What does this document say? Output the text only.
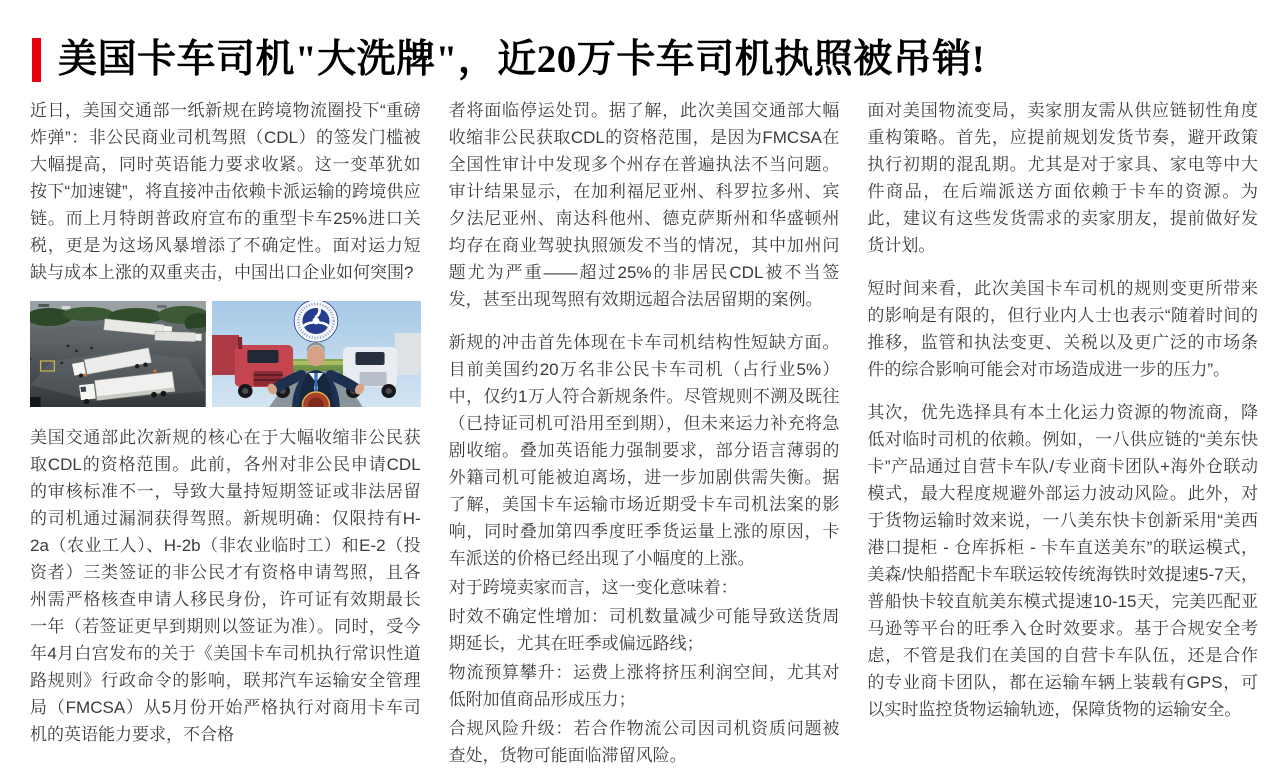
美国卡车司机"大洗牌"，近20万卡车司机执照被吊销!

近日，美国交通部一纸新规在跨境物流圈投下“重磅炸弹”：非公民商业司机驾照（CDL）的签发门槛被大幅提高，同时英语能力要求收紧。这一变革犹如按下“加速键”，将直接冲击依赖卡派运输的跨境供应链。而上月特朗普政府宣布的重型卡车25%进口关税，更是为这场风暴增添了不确定性。面对运力短缺与成本上涨的双重夹击，中国出口企业如何突围?

美国交通部此次新规的核心在于大幅收缩非公民获取CDL的资格范围。此前，各州对非公民申请CDL的审核标准不一，导致大量持短期签证或非法居留的司机通过漏洞获得驾照。新规明确：仅限持有H-2a（农业工人）、H-2b（非农业临时工）和E-2（投资者）三类签证的非公民才有资格申请驾照，且各州需严格核查申请人移民身份，许可证有效期最长一年（若签证更早到期则以签证为准）。同时，受今年4月白宫发布的关于《美国卡车司机执行常识性道路规则》行政命令的影响，联邦汽车运输安全管理局（FMCSA）从5月份开始严格执行对商用卡车司机的英语能力要求，不合格

者将面临停运处罚。据了解，此次美国交通部大幅收缩非公民获取CDL的资格范围，是因为FMCSA在全国性审计中发现多个州存在普遍执法不当问题。审计结果显示，在加利福尼亚州、科罗拉多州、宾夕法尼亚州、南达科他州、德克萨斯州和华盛顿州均存在商业驾驶执照颁发不当的情况，其中加州问题尤为严重——超过25%的非居民CDL被不当签发，甚至出现驾照有效期远超合法居留期的案例。

新规的冲击首先体现在卡车司机结构性短缺方面。目前美国约20万名非公民卡车司机（占行业5%）中，仅约1万人符合新规条件。尽管规则不溯及既往（已持证司机可沿用至到期），但未来运力补充将急剧收缩。叠加英语能力强制要求，部分语言薄弱的外籍司机可能被迫离场，进一步加剧供需失衡。据了解，美国卡车运输市场近期受卡车司机法案的影响，同时叠加第四季度旺季货运量上涨的原因，卡车派送的价格已经出现了小幅度的上涨。

对于跨境卖家而言，这一变化意味着：

时效不确定性增加：司机数量减少可能导致送货周期延长，尤其在旺季或偏远路线；

物流预算攀升：运费上涨将挤压利润空间，尤其对低附加值商品形成压力；

合规风险升级：若合作物流公司因司机资质问题被查处，货物可能面临滞留风险。

面对美国物流变局，卖家朋友需从供应链韧性角度重构策略。首先，应提前规划发货节奏，避开政策执行初期的混乱期。尤其是对于家具、家电等中大件商品，在后端派送方面依赖于卡车的资源。为此，建议有这些发货需求的卖家朋友，提前做好发货计划。

短时间来看，此次美国卡车司机的规则变更所带来的影响是有限的，但行业内人士也表示“随着时间的推移，监管和执法变更、关税以及更广泛的市场条件的综合影响可能会对市场造成进一步的压力”。

其次，优先选择具有本土化运力资源的物流商，降低对临时司机的依赖。例如，一八供应链的“美东快卡”产品通过自营卡车队/专业商卡团队+海外仓联动模式，最大程度规避外部运力波动风险。此外，对于货物运输时效来说，一八美东快卡创新采用“美西港口提柜 - 仓库拆柜 - 卡车直送美东”的联运模式，美森/快船搭配卡车联运较传统海铁时效提速5-7天，普船快卡较直航美东模式提速10-15天，完美匹配亚马逊等平台的旺季入仓时效要求。基于合规安全考虑，不管是我们在美国的自营卡车队伍，还是合作的专业商卡团队，都在运输车辆上装载有GPS，可以实时监控货物运输轨迹，保障货物的运输安全。
